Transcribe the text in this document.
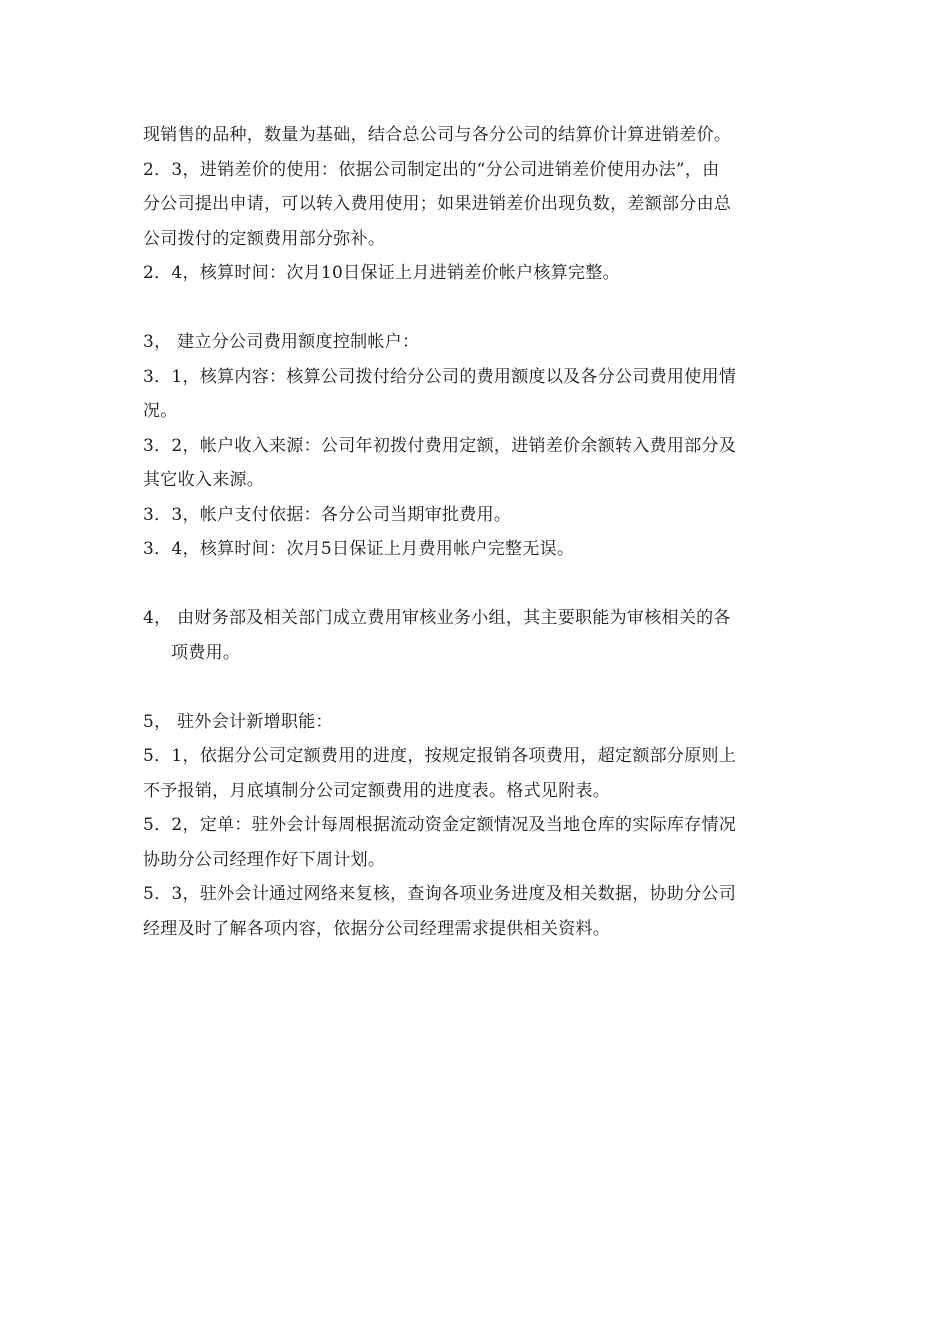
现销售的品种，数量为基础，结合总公司与各分公司的结算价计算进销差价。
2．3，进销差价的使用：依据公司制定出的“分公司进销差价使用办法”，由
分公司提出申请，可以转入费用使用；如果进销差价出现负数，差额部分由总
公司拨付的定额费用部分弥补。
2．4，核算时间：次月10日保证上月进销差价帐户核算完整。
3， 建立分公司费用额度控制帐户：
3．1，核算内容：核算公司拨付给分公司的费用额度以及各分公司费用使用情
况。
3．2，帐户收入来源：公司年初拨付费用定额，进销差价余额转入费用部分及
其它收入来源。
3．3，帐户支付依据：各分公司当期审批费用。
3．4，核算时间：次月5日保证上月费用帐户完整无误。
4， 由财务部及相关部门成立费用审核业务小组，其主要职能为审核相关的各
项费用。
5， 驻外会计新增职能：
5．1，依据分公司定额费用的进度，按规定报销各项费用，超定额部分原则上
不予报销，月底填制分公司定额费用的进度表。格式见附表。
5．2，定单：驻外会计每周根据流动资金定额情况及当地仓库的实际库存情况
协助分公司经理作好下周计划。
5．3，驻外会计通过网络来复核，查询各项业务进度及相关数据，协助分公司
经理及时了解各项内容，依据分公司经理需求提供相关资料。
